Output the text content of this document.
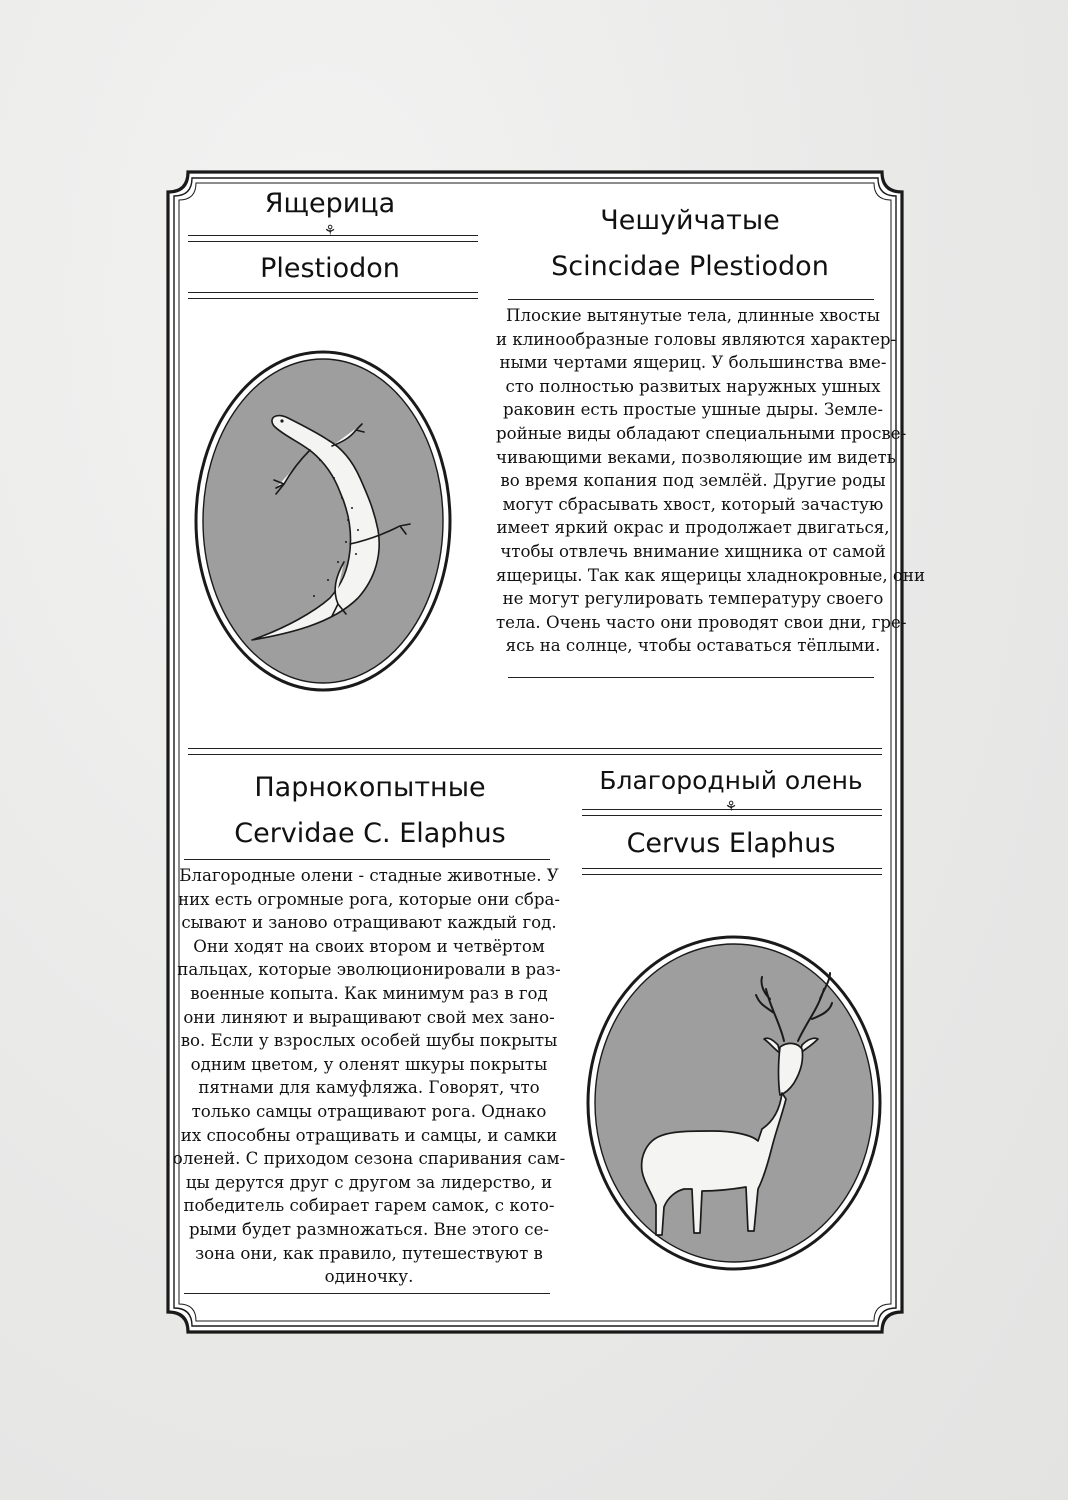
Ящерица
⚘
Plestiodon
Чешуйчатые
Scincidae Plestiodon
Плоские вытянутые тела, длинные хвосты
и клинообразные головы являются характер-
ными чертами ящериц. У большинства вме-
сто полностью развитых наружных ушных
раковин есть простые ушные дыры. Земле-
ройные виды обладают специальными просве-
чивающими веками, позволяющие им видеть
во время копания под землёй. Другие роды
могут сбрасывать хвост, который зачастую
имеет яркий окрас и продолжает двигаться,
чтобы отвлечь внимание хищника от самой
ящерицы. Так как ящерицы хладнокровные, они
не могут регулировать температуру своего
тела. Очень часто они проводят свои дни, гре-
ясь на солнце, чтобы оставаться тёплыми.
Парнокопытные
Cervidae C. Elaphus
Благородные олени - стадные животные. У
них есть огромные рога, которые они сбра-
сывают и заново отращивают каждый год.
Они ходят на своих втором и четвёртом
пальцах, которые эволюционировали в раз-
военные копыта. Как минимум раз в год
они линяют и выращивают свой мех зано-
во. Если у взрослых особей шубы покрыты
одним цветом, у оленят шкуры покрыты
пятнами для камуфляжа. Говорят, что
только самцы отращивают рога. Однако
их способны отращивать и самцы, и самки
оленей. С приходом сезона спаривания сам-
цы дерутся друг с другом за лидерство, и
победитель собирает гарем самок, с кото-
рыми будет размножаться. Вне этого се-
зона они, как правило, путешествуют в
одиночку.
Благородный олень
⚘
Cervus Elaphus
